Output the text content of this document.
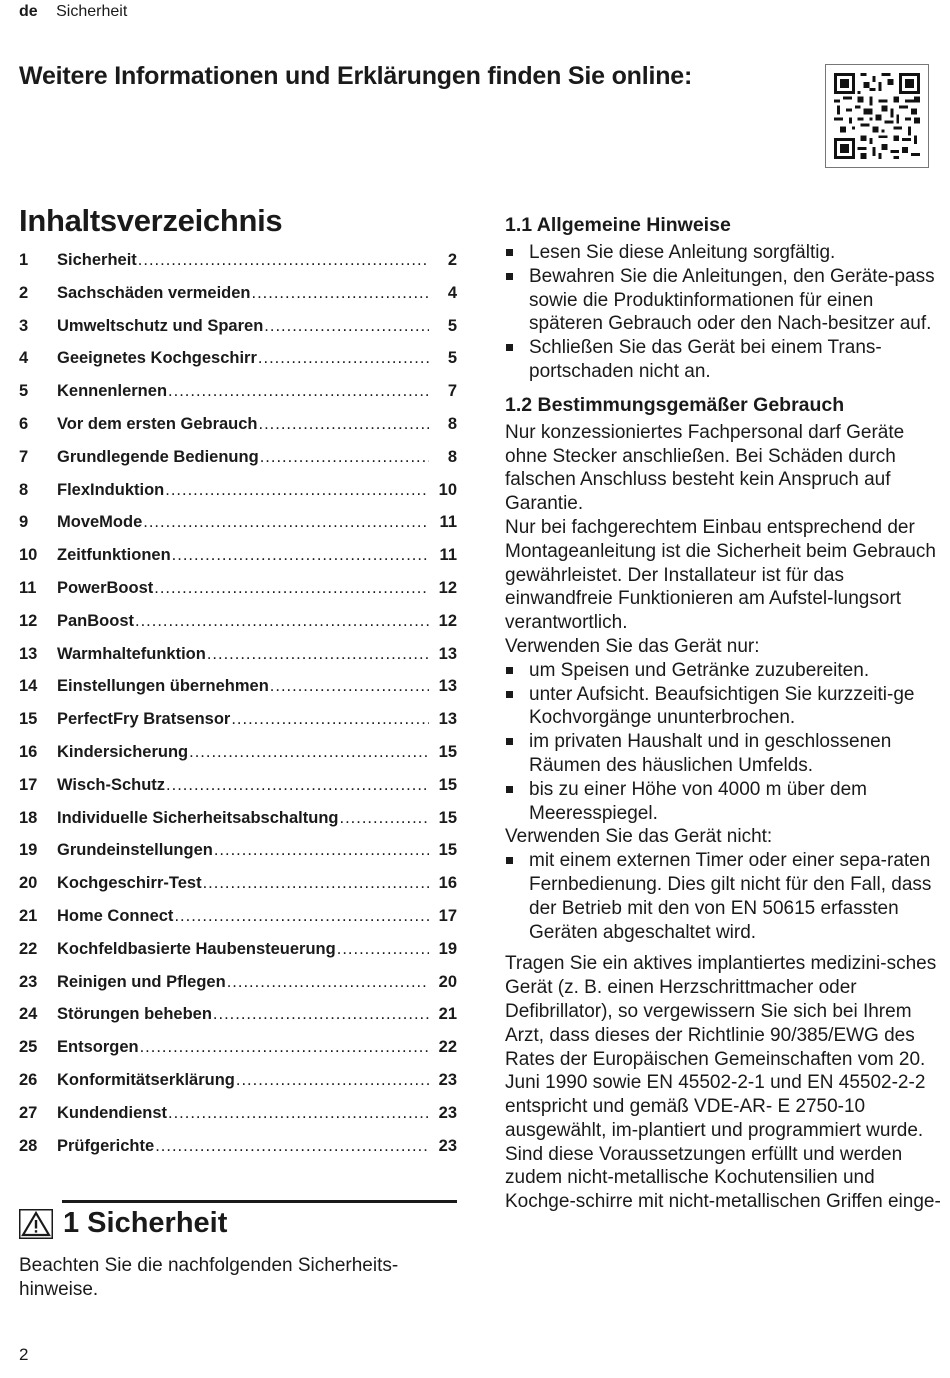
de Sicherheit
Weitere Informationen und Erklärungen finden Sie online:
Inhaltsverzeichnis
1	Sicherheit .....	2
2	Sachschäden vermeiden .....	4
3	Umweltschutz und Sparen .....	5
4	Geeignetes Kochgeschirr .....	5
5	Kennenlernen .....	7
6	Vor dem ersten Gebrauch .....	8
7	Grundlegende Bedienung .....	8
8	FlexInduktion .....	10
9	MoveMode .....	11
10	Zeitfunktionen .....	11
11	PowerBoost .....	12
12	PanBoost .....	12
13	Warmhaltefunktion .....	13
14	Einstellungen übernehmen .....	13
15	PerfectFry Bratsensor .....	13
16	Kindersicherung .....	15
17	Wisch-Schutz .....	15
18	Individuelle Sicherheitsabschaltung .....	15
19	Grundeinstellungen .....	15
20	Kochgeschirr-Test .....	16
21	Home Connect .....	17
22	Kochfeldbasierte Haubensteuerung .....	19
23	Reinigen und Pflegen .....	20
24	Störungen beheben .....	21
25	Entsorgen .....	22
26	Konformitätserklärung .....	23
27	Kundendienst .....	23
28	Prüfgerichte .....	23
1 Sicherheit
Beachten Sie die nachfolgenden Sicherheits-hinweise.
2
1.1 Allgemeine Hinweise
Lesen Sie diese Anleitung sorgfältig.
Bewahren Sie die Anleitungen, den Geräte-pass sowie die Produktinformationen für einen späteren Gebrauch oder den Nach-besitzer auf.
Schließen Sie das Gerät bei einem Trans-portschaden nicht an.
1.2 Bestimmungsgemäßer Gebrauch

Nur konzessioniertes Fachpersonal darf Geräte ohne Stecker anschließen. Bei Schäden durch falschen Anschluss besteht kein Anspruch auf Garantie.

Nur bei fachgerechtem Einbau entsprechend der Montageanleitung ist die Sicherheit beim Gebrauch gewährleistet. Der Installateur ist für das einwandfreie Funktionieren am Aufstel-lungsort verantwortlich.

Verwenden Sie das Gerät nur:

um Speisen und Getränke zuzubereiten.
unter Aufsicht. Beaufsichtigen Sie kurzzeiti-ge Kochvorgänge ununterbrochen.
im privaten Haushalt und in geschlossenen Räumen des häuslichen Umfelds.
bis zu einer Höhe von 4000 m über dem Meeresspiegel.

Verwenden Sie das Gerät nicht:

mit einem externen Timer oder einer sepa-raten Fernbedienung. Dies gilt nicht für den Fall, dass der Betrieb mit den von EN 50615 erfassten Geräten abgeschaltet wird.

Tragen Sie ein aktives implantiertes medizini-sches Gerät (z. B. einen Herzschrittmacher oder Defibrillator), so vergewissern Sie sich bei Ihrem Arzt, dass dieses der Richtlinie 90/385/EWG des Rates der Europäischen Gemeinschaften vom 20. Juni 1990 sowie EN 45502-2-1 und EN 45502-2-2 entspricht und gemäß VDE-AR- E 2750-10 ausgewählt, im-plantiert und programmiert wurde. Sind diese Voraussetzungen erfüllt und werden zudem nicht-metallische Kochutensilien und Kochge-schirre mit nicht-metallischen Griffen einge-
